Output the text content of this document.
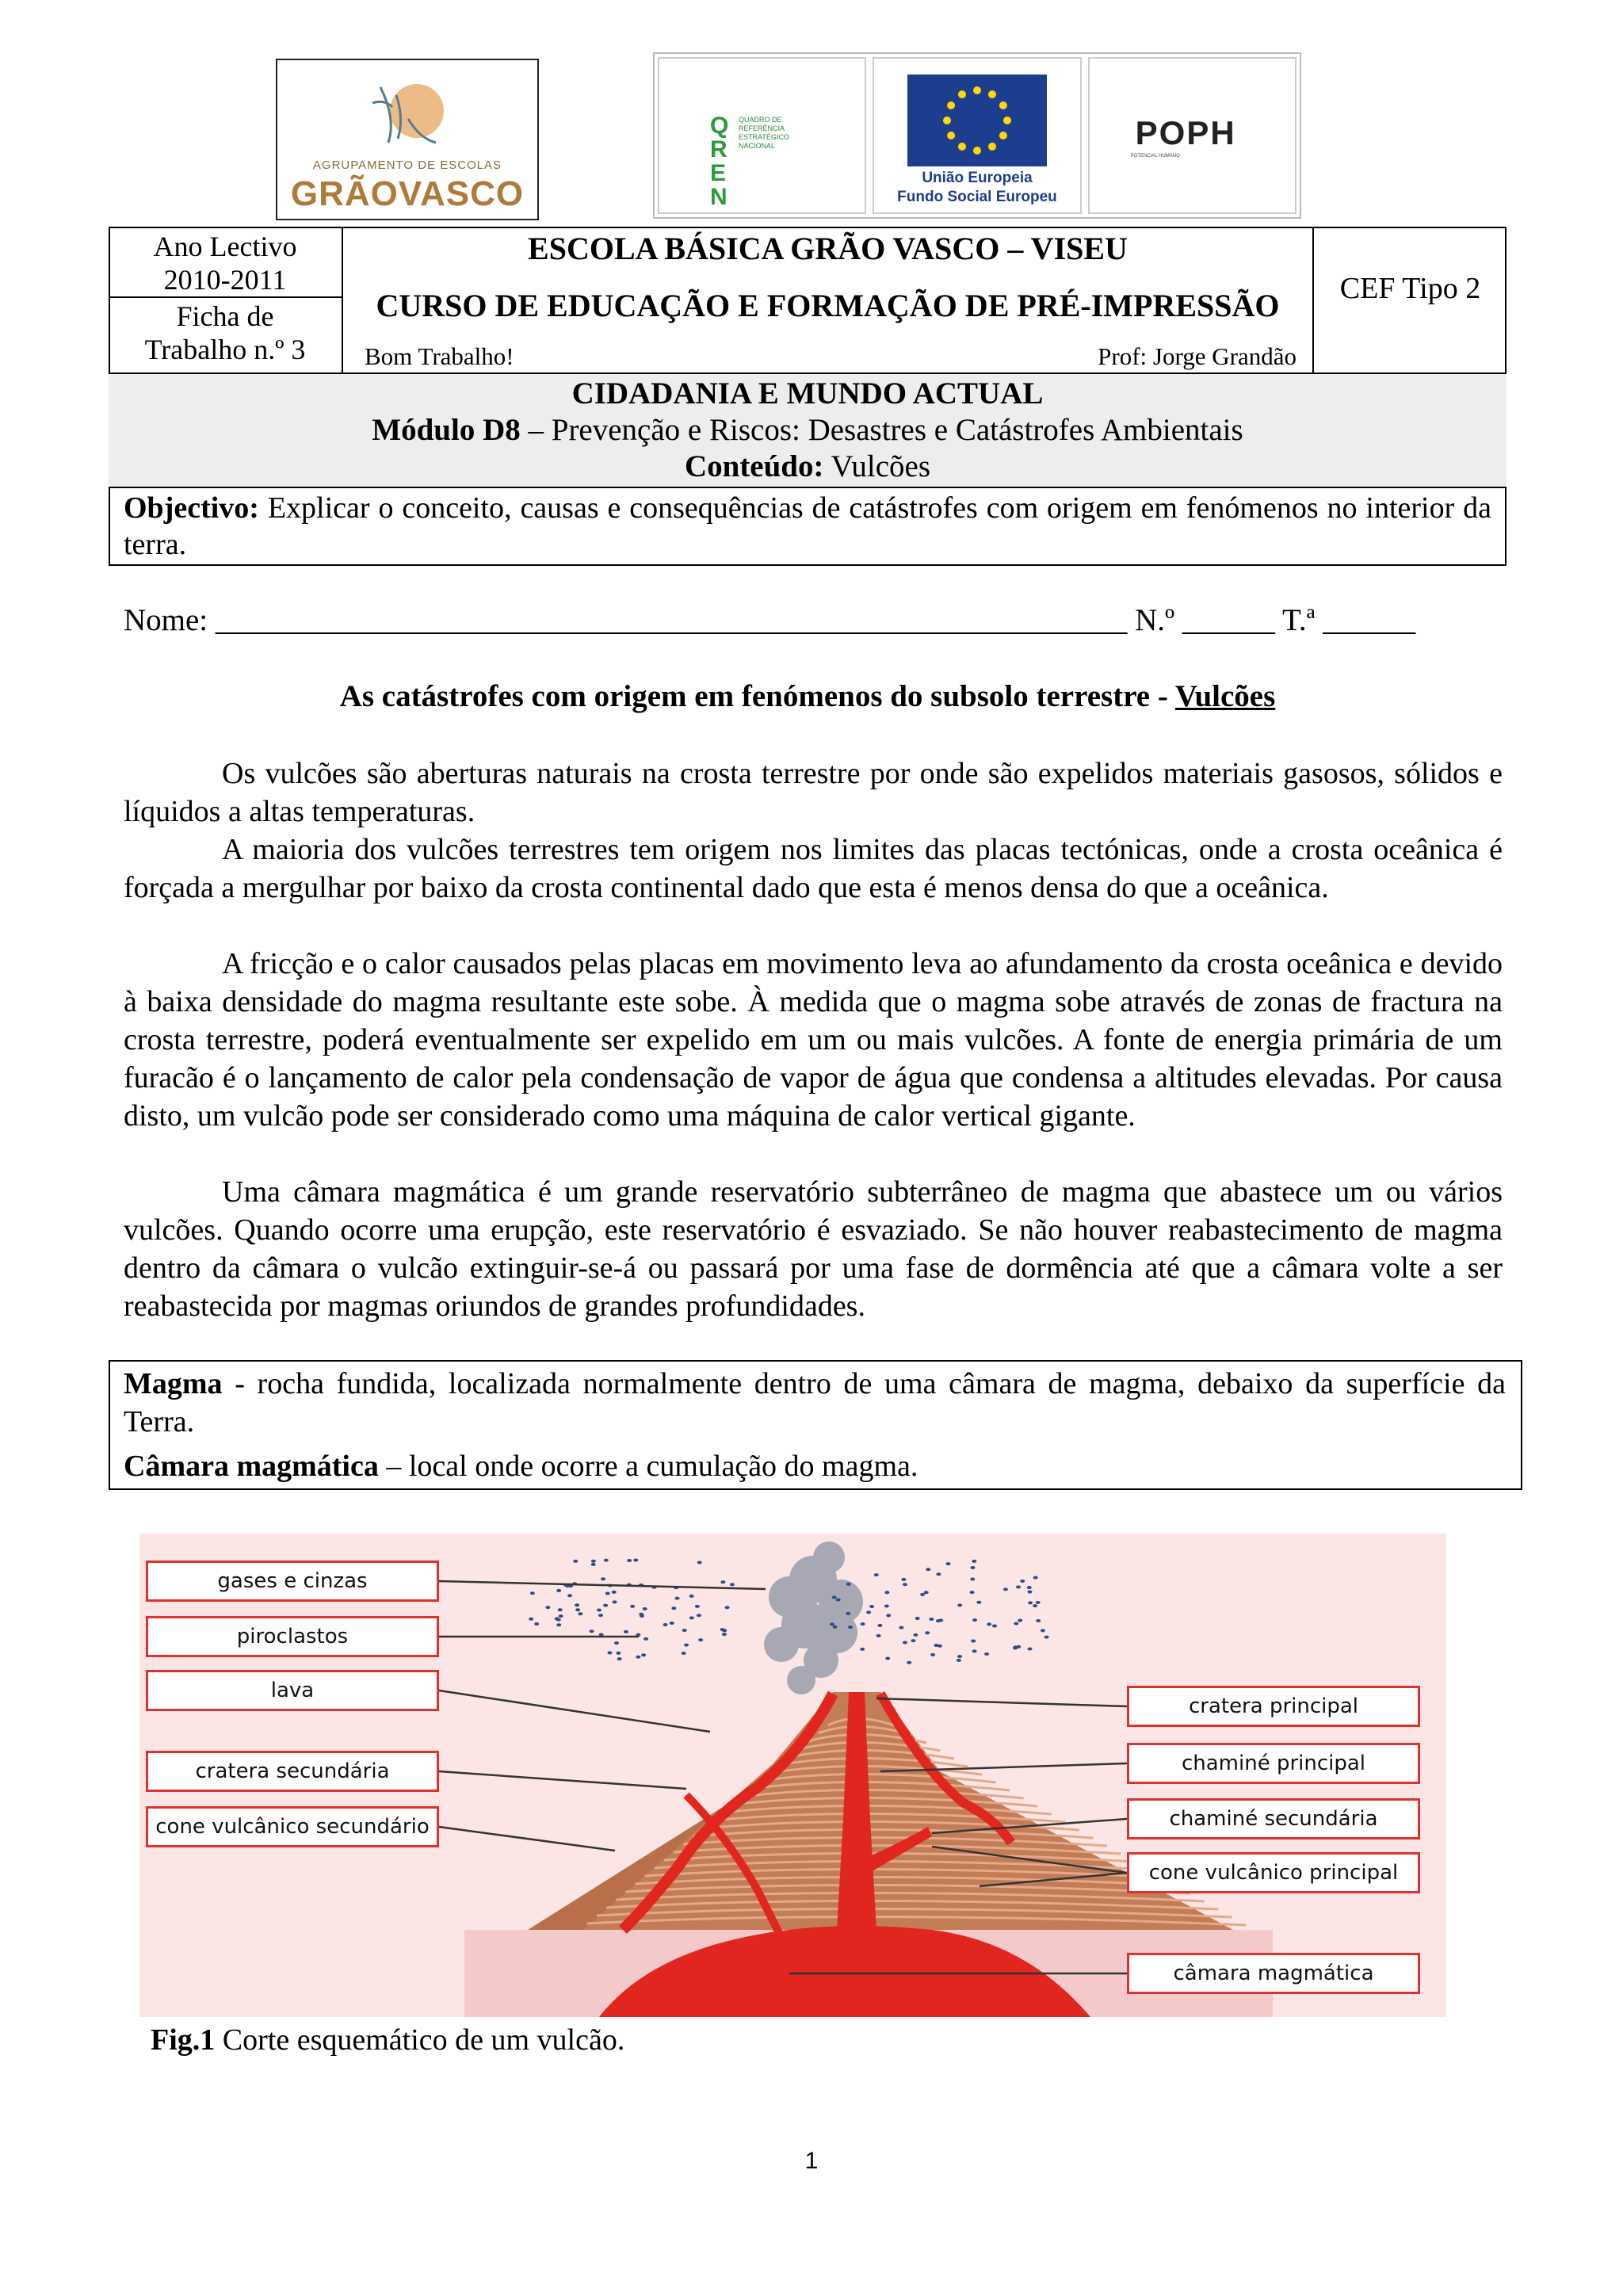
AGRUPAMENTO DE ESCOLAS
GRÃOVASCO
QREN
QUADRO DE REFERÊNCIA ESTRATÉGICO NACIONAL
União Europeia
Fundo Social Europeu
POPH
POTENCIAL HUMANO
Ano Lectivo
2010-2011
Ficha de
Trabalho n.º 3
CEF Tipo 2
ESCOLA BÁSICA GRÃO VASCO – VISEU
CURSO DE EDUCAÇÃO E FORMAÇÃO DE PRÉ-IMPRESSÃO
Bom Trabalho!	Prof: Jorge Grandão
CIDADANIA E MUNDO ACTUAL
Módulo D8 – Prevenção e Riscos: Desastres e Catástrofes Ambientais
Conteúdo: Vulcões
Objectivo: Explicar o conceito, causas e consequências de catástrofes com origem em fenómenos no interior da terra.
Nome: ___________________________________________________________ N.º ______ T.ª ______
As catástrofes com origem em fenómenos do subsolo terrestre - Vulcões
Os vulcões são aberturas naturais na crosta terrestre por onde são expelidos materiais gasosos, sólidos e líquidos a altas temperaturas.
A maioria dos vulcões terrestres tem origem nos limites das placas tectónicas, onde a crosta oceânica é forçada a mergulhar por baixo da crosta continental dado que esta é menos densa do que a oceânica.
A fricção e o calor causados pelas placas em movimento leva ao afundamento da crosta oceânica e devido à baixa densidade do magma resultante este sobe. À medida que o magma sobe através de zonas de fractura na crosta terrestre, poderá eventualmente ser expelido em um ou mais vulcões. A fonte de energia primária de um furacão é o lançamento de calor pela condensação de vapor de água que condensa a altitudes elevadas. Por causa disto, um vulcão pode ser considerado como uma máquina de calor vertical gigante.
Uma câmara magmática é um grande reservatório subterrâneo de magma que abastece um ou vários vulcões. Quando ocorre uma erupção, este reservatório é esvaziado. Se não houver reabastecimento de magma dentro da câmara o vulcão extinguir-se-á ou passará por uma fase de dormência até que a câmara volte a ser reabastecida por magmas oriundos de grandes profundidades.
Magma - rocha fundida, localizada normalmente dentro de uma câmara de magma, debaixo da superfície da Terra.
Câmara magmática – local onde ocorre a cumulação do magma.
gases e cinzas
piroclastos
lava
cratera secundária
cone vulcânico secundário
cratera principal
chaminé principal
chaminé secundária
cone vulcânico principal
câmara magmática
Fig.1 Corte esquemático de um vulcão.
1
